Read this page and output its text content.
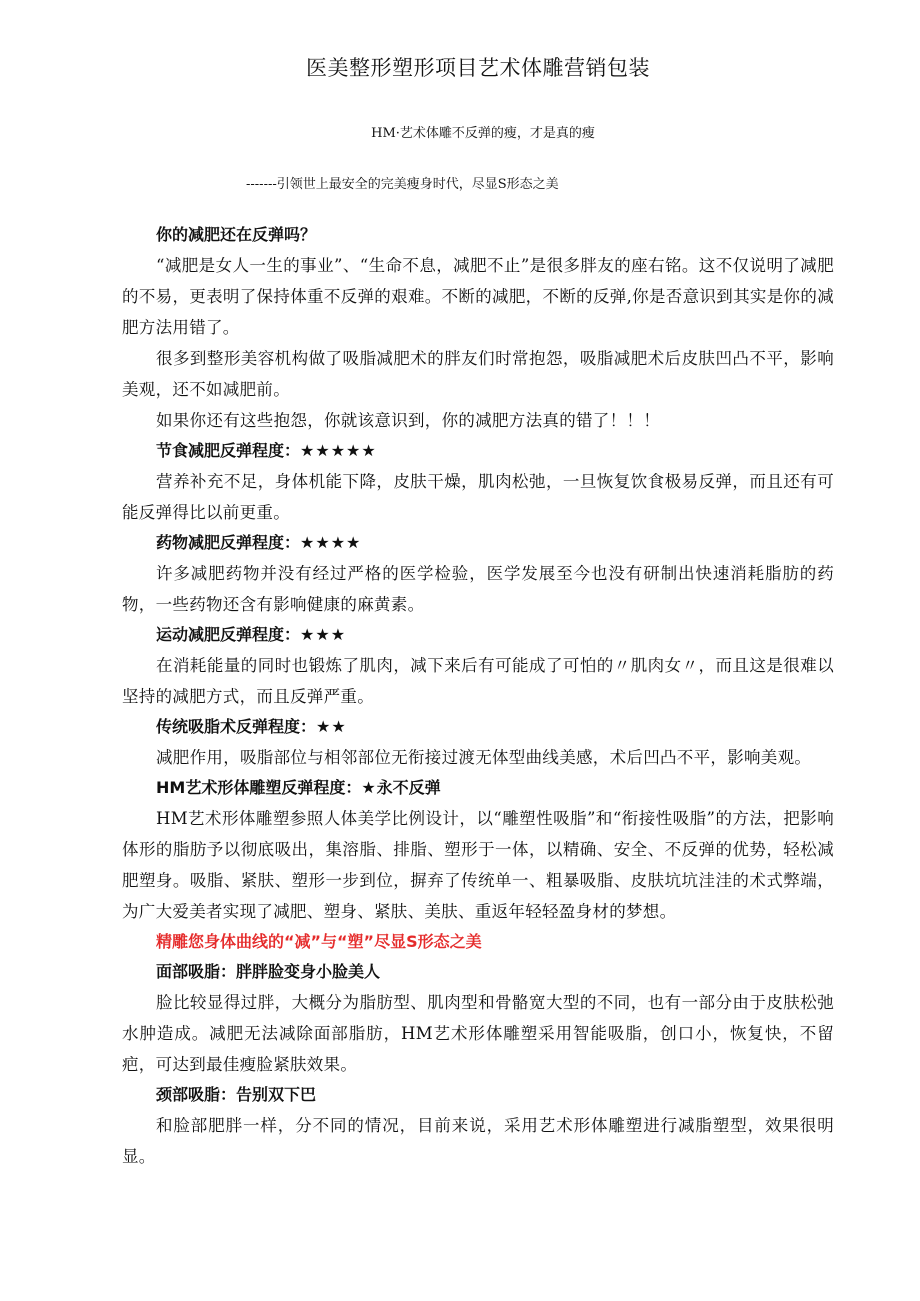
医美整形塑形项目艺术体雕营销包装
HM·艺术体雕不反弹的瘦，才是真的瘦
-------引领世上最安全的完美瘦身时代，尽显S形态之美

你的减肥还在反弹吗？

“减肥是女人一生的事业”、“生命不息，减肥不止”是很多胖友的座右铭。这不仅说明了减肥的不易，更表明了保持体重不反弹的艰难。不断的减肥，不断的反弹,你是否意识到其实是你的减肥方法用错了。

很多到整形美容机构做了吸脂减肥术的胖友们时常抱怨，吸脂减肥术后皮肤凹凸不平，影响美观，还不如减肥前。

如果你还有这些抱怨，你就该意识到，你的减肥方法真的错了！！！

节食减肥反弹程度：★★★★★

营养补充不足，身体机能下降，皮肤干燥，肌肉松弛，一旦恢复饮食极易反弹，而且还有可能反弹得比以前更重。

药物减肥反弹程度：★★★★

许多减肥药物并没有经过严格的医学检验，医学发展至今也没有研制出快速消耗脂肪的药物，一些药物还含有影响健康的麻黄素。

运动减肥反弹程度：★★★

在消耗能量的同时也锻炼了肌肉，减下来后有可能成了可怕的〃肌肉女〃，而且这是很难以坚持的减肥方式，而且反弹严重。

传统吸脂术反弹程度：★★

减肥作用，吸脂部位与相邻部位无衔接过渡无体型曲线美感，术后凹凸不平，影响美观。

HM艺术形体雕塑反弹程度：★永不反弹

HM艺术形体雕塑参照人体美学比例设计，以“雕塑性吸脂”和“衔接性吸脂”的方法，把影响体形的脂肪予以彻底吸出，集溶脂、排脂、塑形于一体，以精确、安全、不反弹的优势，轻松减肥塑身。吸脂、紧肤、塑形一步到位，摒弃了传统单一、粗暴吸脂、皮肤坑坑洼洼的术式弊端，为广大爱美者实现了减肥、塑身、紧肤、美肤、重返年轻轻盈身材的梦想。

精雕您身体曲线的“减”与“塑”尽显S形态之美

面部吸脂：胖胖脸变身小脸美人

脸比较显得过胖，大概分为脂肪型、肌肉型和骨骼宽大型的不同，也有一部分由于皮肤松弛水肿造成。减肥无法减除面部脂肪，HM艺术形体雕塑采用智能吸脂，创口小，恢复快，不留疤，可达到最佳瘦脸紧肤效果。

颈部吸脂：告别双下巴

和脸部肥胖一样，分不同的情况，目前来说，采用艺术形体雕塑进行减脂塑型，效果很明显。
